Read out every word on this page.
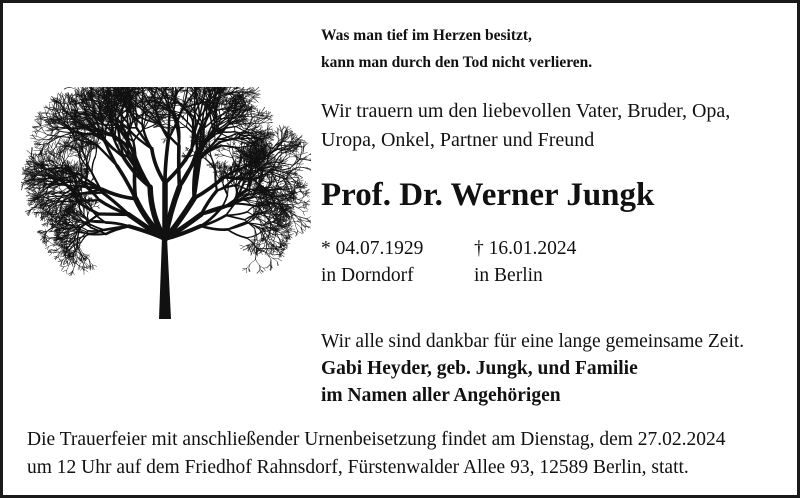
Was man tief im Herzen besitzt,
kann man durch den Tod nicht verlieren.
Wir trauern um den liebevollen Vater, Bruder, Opa,
Uropa, Onkel, Partner und Freund
Prof. Dr. Werner Jungk
* 04.07.1929
in Dorndorf
† 16.01.2024
in Berlin
Wir alle sind dankbar für eine lange gemeinsame Zeit.
Gabi Heyder, geb. Jungk, und Familie
im Namen aller Angehörigen
Die Trauerfeier mit anschließender Urnenbeisetzung findet am Dienstag, dem 27.02.2024
um 12 Uhr auf dem Friedhof Rahnsdorf, Fürstenwalder Allee 93, 12589 Berlin, statt.
